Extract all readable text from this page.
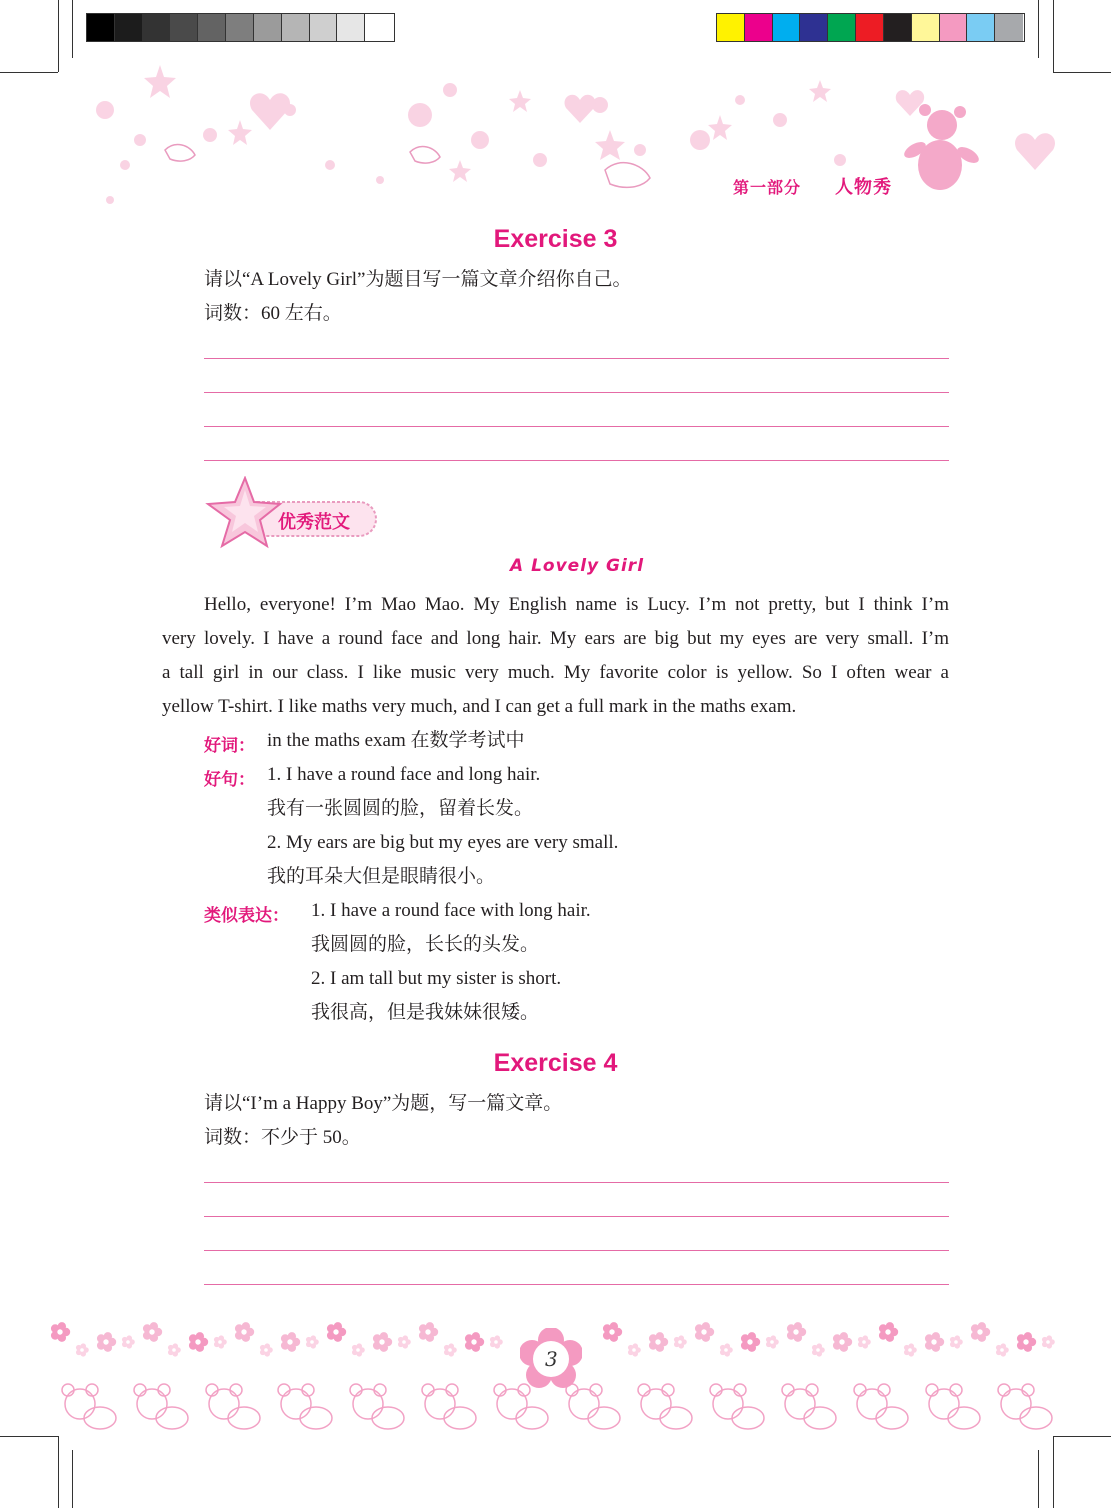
第一部分 人物秀
Exercise 3
请以“A Lovely Girl”为题目写一篇文章介绍你自己。
词数：60 左右。
优秀范文
A Lovely Girl
Hello, everyone! I’m Mao Mao. My English name is Lucy. I’m not pretty, but I think I’m
very lovely. I have a round face and long hair. My ears are big but my eyes are very small. I’m
a tall girl in our class. I like music very much. My favorite color is yellow. So I often wear a
yellow T-shirt. I like maths very much, and I can get a full mark in the maths exam.
好词： in the maths exam 在数学考试中
好句： 1. I have a round face and long hair.
我有一张圆圆的脸，留着长发。
2. My ears are big but my eyes are very small.
我的耳朵大但是眼睛很小。
类似表达： 1. I have a round face with long hair.
我圆圆的脸，长长的头发。
2. I am tall but my sister is short.
我很高，但是我妹妹很矮。
Exercise 4
请以“I’m a Happy Boy”为题，写一篇文章。
词数：不少于 50。
3
